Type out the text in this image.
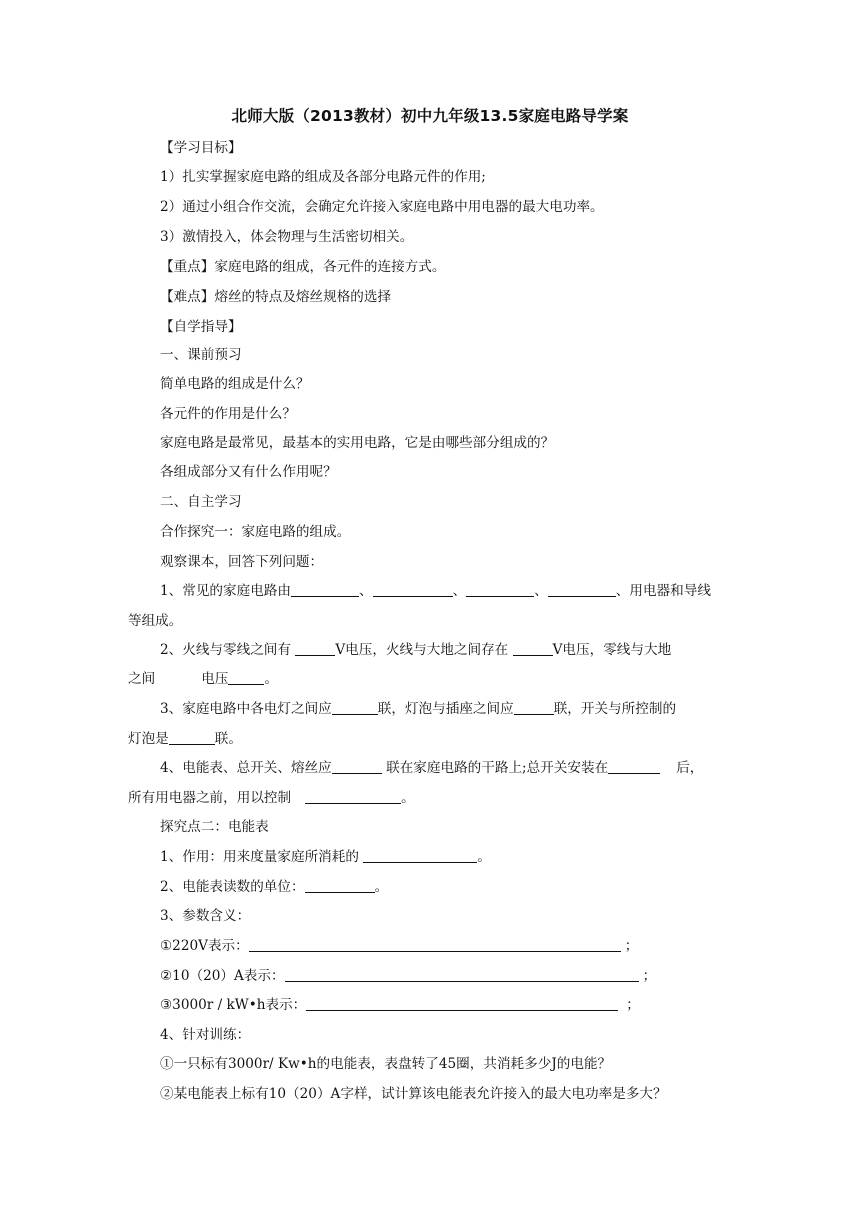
北师大版（2013教材）初中九年级13.5家庭电路导学案
【学习目标】
1）扎实掌握家庭电路的组成及各部分电路元件的作用;
2）通过小组合作交流，会确定允许接入家庭电路中用电器的最大电功率。
3）激情投入，体会物理与生活密切相关。
【重点】家庭电路的组成，各元件的连接方式。
【难点】熔丝的特点及熔丝规格的选择
【自学指导】
一、课前预习
简单电路的组成是什么？
各元件的作用是什么？
家庭电路是最常见，最基本的实用电路，它是由哪些部分组成的？
各组成部分又有什么作用呢？
二、自主学习
合作探究一：家庭电路的组成。
观察课本，回答下列问题：
1、常见的家庭电路由	、	、	、	、用电器和导线
等组成。
2、火线与零线之间有	V电压，火线与大地之间存在	V电压，零线与大地
之间	电压	。
3、家庭电路中各电灯之间应	联，灯泡与插座之间应	联，开关与所控制的
灯泡是	联。
4、电能表、总开关、熔丝应	联在家庭电路的干路上;总开关安装在	后，
所有用电器之前，用以控制	。
探究点二：电能表
1、作用：用来度量家庭所消耗的	。
2、电能表读数的单位：	。
3、参数含义：
①220V表示：	；
②10（20）A表示：	；
③3000r / kW•h表示：	；
4、针对训练：
①一只标有3000r/ Kw•h的电能表，表盘转了45圈，共消耗多少J的电能？
②某电能表上标有10（20）A字样，试计算该电能表允许接入的最大电功率是多大？
